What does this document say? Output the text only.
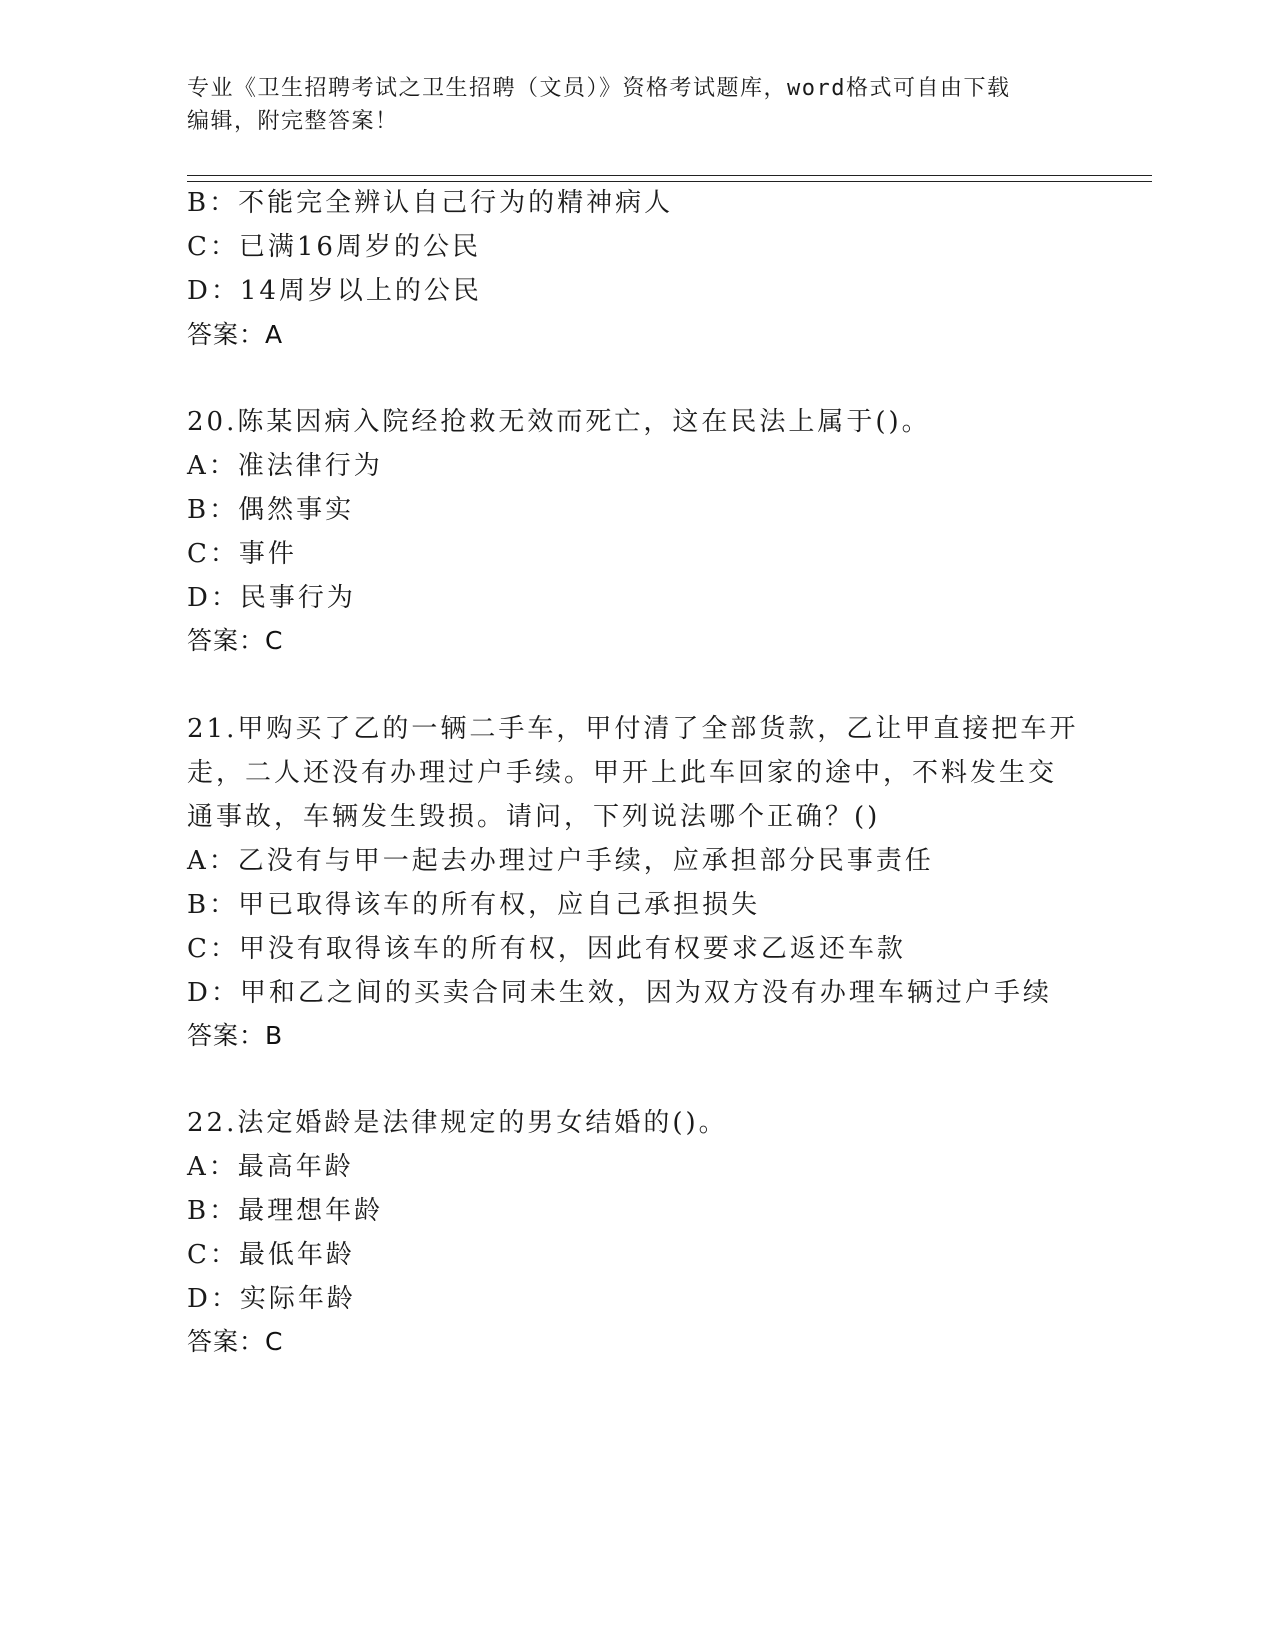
专业《卫生招聘考试之卫生招聘（文员）》资格考试题库，word格式可自由下载
编辑，附完整答案！
B：不能完全辨认自己行为的精神病人
C：已满16周岁的公民
D：14周岁以上的公民
答案：A
20.陈某因病入院经抢救无效而死亡，这在民法上属于()。
A：准法律行为
B：偶然事实
C：事件
D：民事行为
答案：C
21.甲购买了乙的一辆二手车，甲付清了全部货款，乙让甲直接把车开
走，二人还没有办理过户手续。甲开上此车回家的途中，不料发生交
通事故，车辆发生毁损。请问，下列说法哪个正确？()
A：乙没有与甲一起去办理过户手续，应承担部分民事责任
B：甲已取得该车的所有权，应自己承担损失
C：甲没有取得该车的所有权，因此有权要求乙返还车款
D：甲和乙之间的买卖合同未生效，因为双方没有办理车辆过户手续
答案：B
22.法定婚龄是法律规定的男女结婚的()。
A：最高年龄
B：最理想年龄
C：最低年龄
D：实际年龄
答案：C
